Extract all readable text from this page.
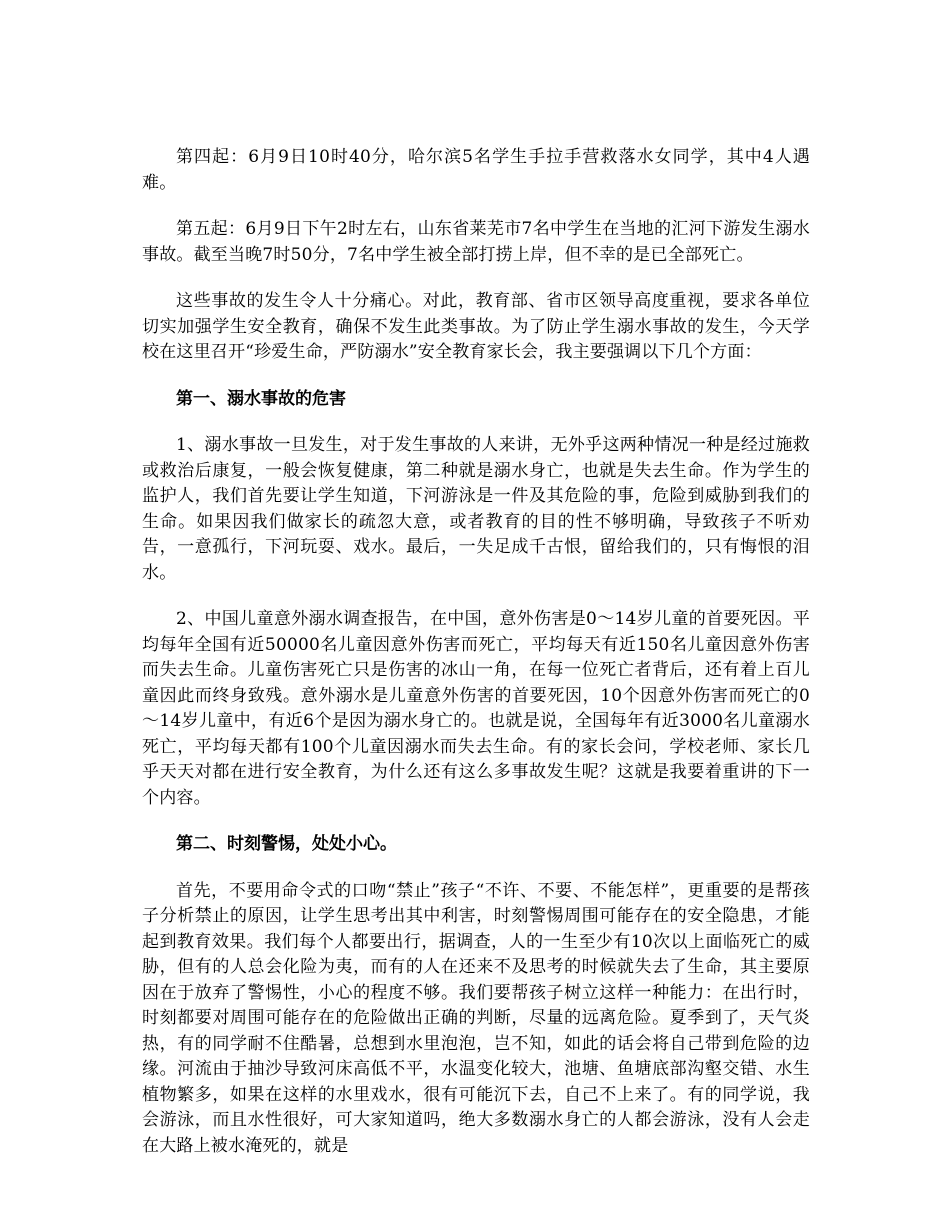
第四起：6月9日10时40分，哈尔滨5名学生手拉手营救落水女同学，其中4人遇难。

第五起：6月9日下午2时左右，山东省莱芜市7名中学生在当地的汇河下游发生溺水事故。截至当晚7时50分，7名中学生被全部打捞上岸，但不幸的是已全部死亡。

这些事故的发生令人十分痛心。对此，教育部、省市区领导高度重视，要求各单位切实加强学生安全教育，确保不发生此类事故。为了防止学生溺水事故的发生，今天学校在这里召开“珍爱生命，严防溺水”安全教育家长会，我主要强调以下几个方面：

第一、溺水事故的危害

1、溺水事故一旦发生，对于发生事故的人来讲，无外乎这两种情况一种是经过施救或救治后康复，一般会恢复健康，第二种就是溺水身亡，也就是失去生命。作为学生的监护人，我们首先要让学生知道，下河游泳是一件及其危险的事，危险到威胁到我们的生命。如果因我们做家长的疏忽大意，或者教育的目的性不够明确，导致孩子不听劝告，一意孤行，下河玩耍、戏水。最后，一失足成千古恨，留给我们的，只有悔恨的泪水。

2、中国儿童意外溺水调查报告，在中国，意外伤害是0～14岁儿童的首要死因。平均每年全国有近50000名儿童因意外伤害而死亡，平均每天有近150名儿童因意外伤害而失去生命。儿童伤害死亡只是伤害的冰山一角，在每一位死亡者背后，还有着上百儿童因此而终身致残。意外溺水是儿童意外伤害的首要死因，10个因意外伤害而死亡的0～14岁儿童中，有近6个是因为溺水身亡的。也就是说，全国每年有近3000名儿童溺水死亡，平均每天都有100个儿童因溺水而失去生命。有的家长会问，学校老师、家长几乎天天对都在进行安全教育，为什么还有这么多事故发生呢？这就是我要着重讲的下一个内容。

第二、时刻警惕，处处小心。

首先，不要用命令式的口吻“禁止”孩子“不许、不要、不能怎样”，更重要的是帮孩子分析禁止的原因，让学生思考出其中利害，时刻警惕周围可能存在的安全隐患，才能起到教育效果。我们每个人都要出行，据调查，人的一生至少有10次以上面临死亡的威胁，但有的人总会化险为夷，而有的人在还来不及思考的时候就失去了生命，其主要原因在于放弃了警惕性，小心的程度不够。我们要帮孩子树立这样一种能力：在出行时，时刻都要对周围可能存在的危险做出正确的判断，尽量的远离危险。夏季到了，天气炎热，有的同学耐不住酷暑，总想到水里泡泡，岂不知，如此的话会将自己带到危险的边缘。河流由于抽沙导致河床高低不平，水温变化较大，池塘、鱼塘底部沟壑交错、水生植物繁多，如果在这样的水里戏水，很有可能沉下去，自己不上来了。有的同学说，我会游泳，而且水性很好，可大家知道吗，绝大多数溺水身亡的人都会游泳，没有人会走在大路上被水淹死的，就是
